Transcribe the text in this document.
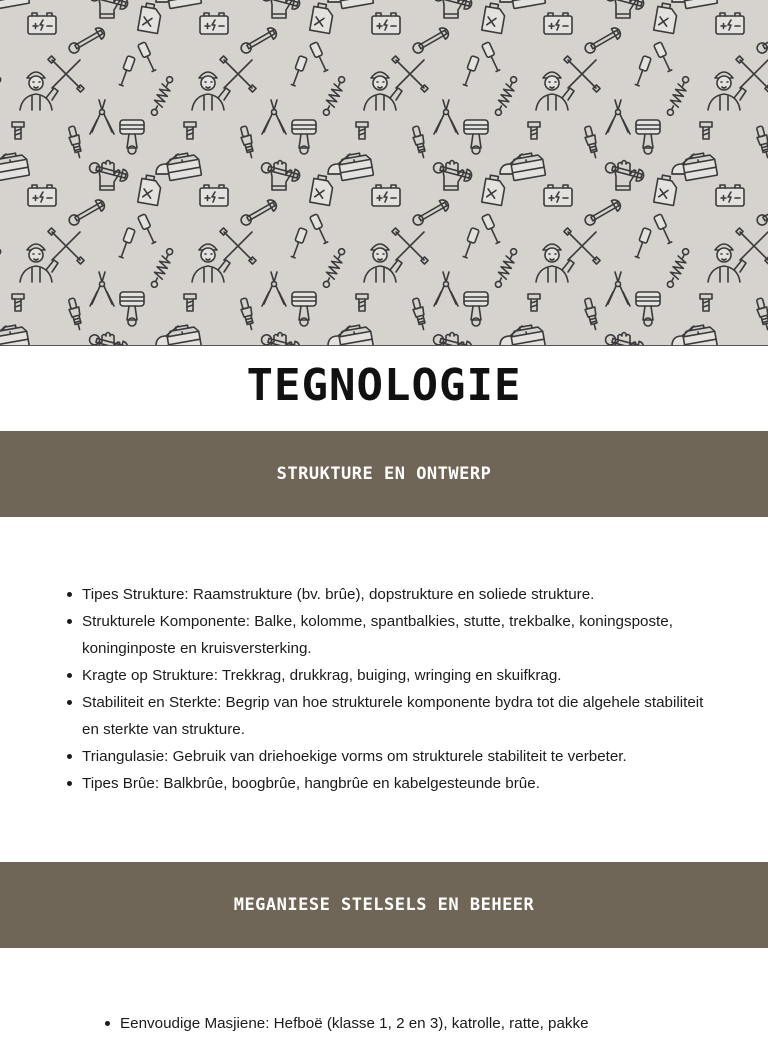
TEGNOLOGIE
STRUKTURE EN ONTWERP
Tipes Strukture: Raamstrukture (bv. brûe), dopstrukture en soliede strukture.
Strukturele Komponente: Balke, kolomme, spantbalkies, stutte, trekbalke, koningsposte, koninginposte en kruisversterking.
Kragte op Strukture: Trekkrag, drukkrag, buiging, wringing en skuifkrag.
Stabiliteit en Sterkte: Begrip van hoe strukturele komponente bydra tot die algehele stabiliteit en sterkte van strukture.
Triangulasie: Gebruik van driehoekige vorms om strukturele stabiliteit te verbeter.
Tipes Brûe: Balkbrûe, boogbrûe, hangbrûe en kabelgesteunde brûe.
MEGANIESE STELSELS EN BEHEER
Eenvoudige Masjiene: Hefboë (klasse 1, 2 en 3), katrolle, ratte, pakke
